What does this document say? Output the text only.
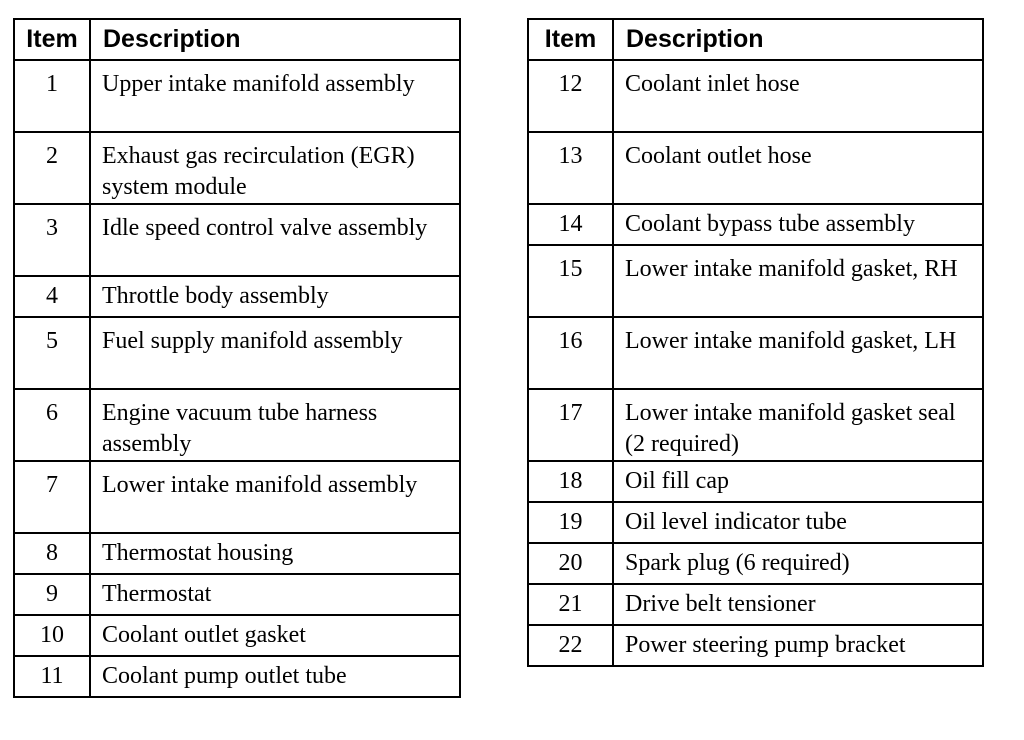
Item	Description
1	Upper intake manifold assembly
2	Exhaust gas recirculation (EGR) system module
3	Idle speed control valve assembly
4	Throttle body assembly
5	Fuel supply manifold assembly
6	Engine vacuum tube harness assembly
7	Lower intake manifold assembly
8	Thermostat housing
9	Thermostat
10	Coolant outlet gasket
11	Coolant pump outlet tube
Item	Description
12	Coolant inlet hose
13	Coolant outlet hose
14	Coolant bypass tube assembly
15	Lower intake manifold gasket, RH
16	Lower intake manifold gasket, LH
17	Lower intake manifold gasket seal (2 required)
18	Oil fill cap
19	Oil level indicator tube
20	Spark plug (6 required)
21	Drive belt tensioner
22	Power steering pump bracket
